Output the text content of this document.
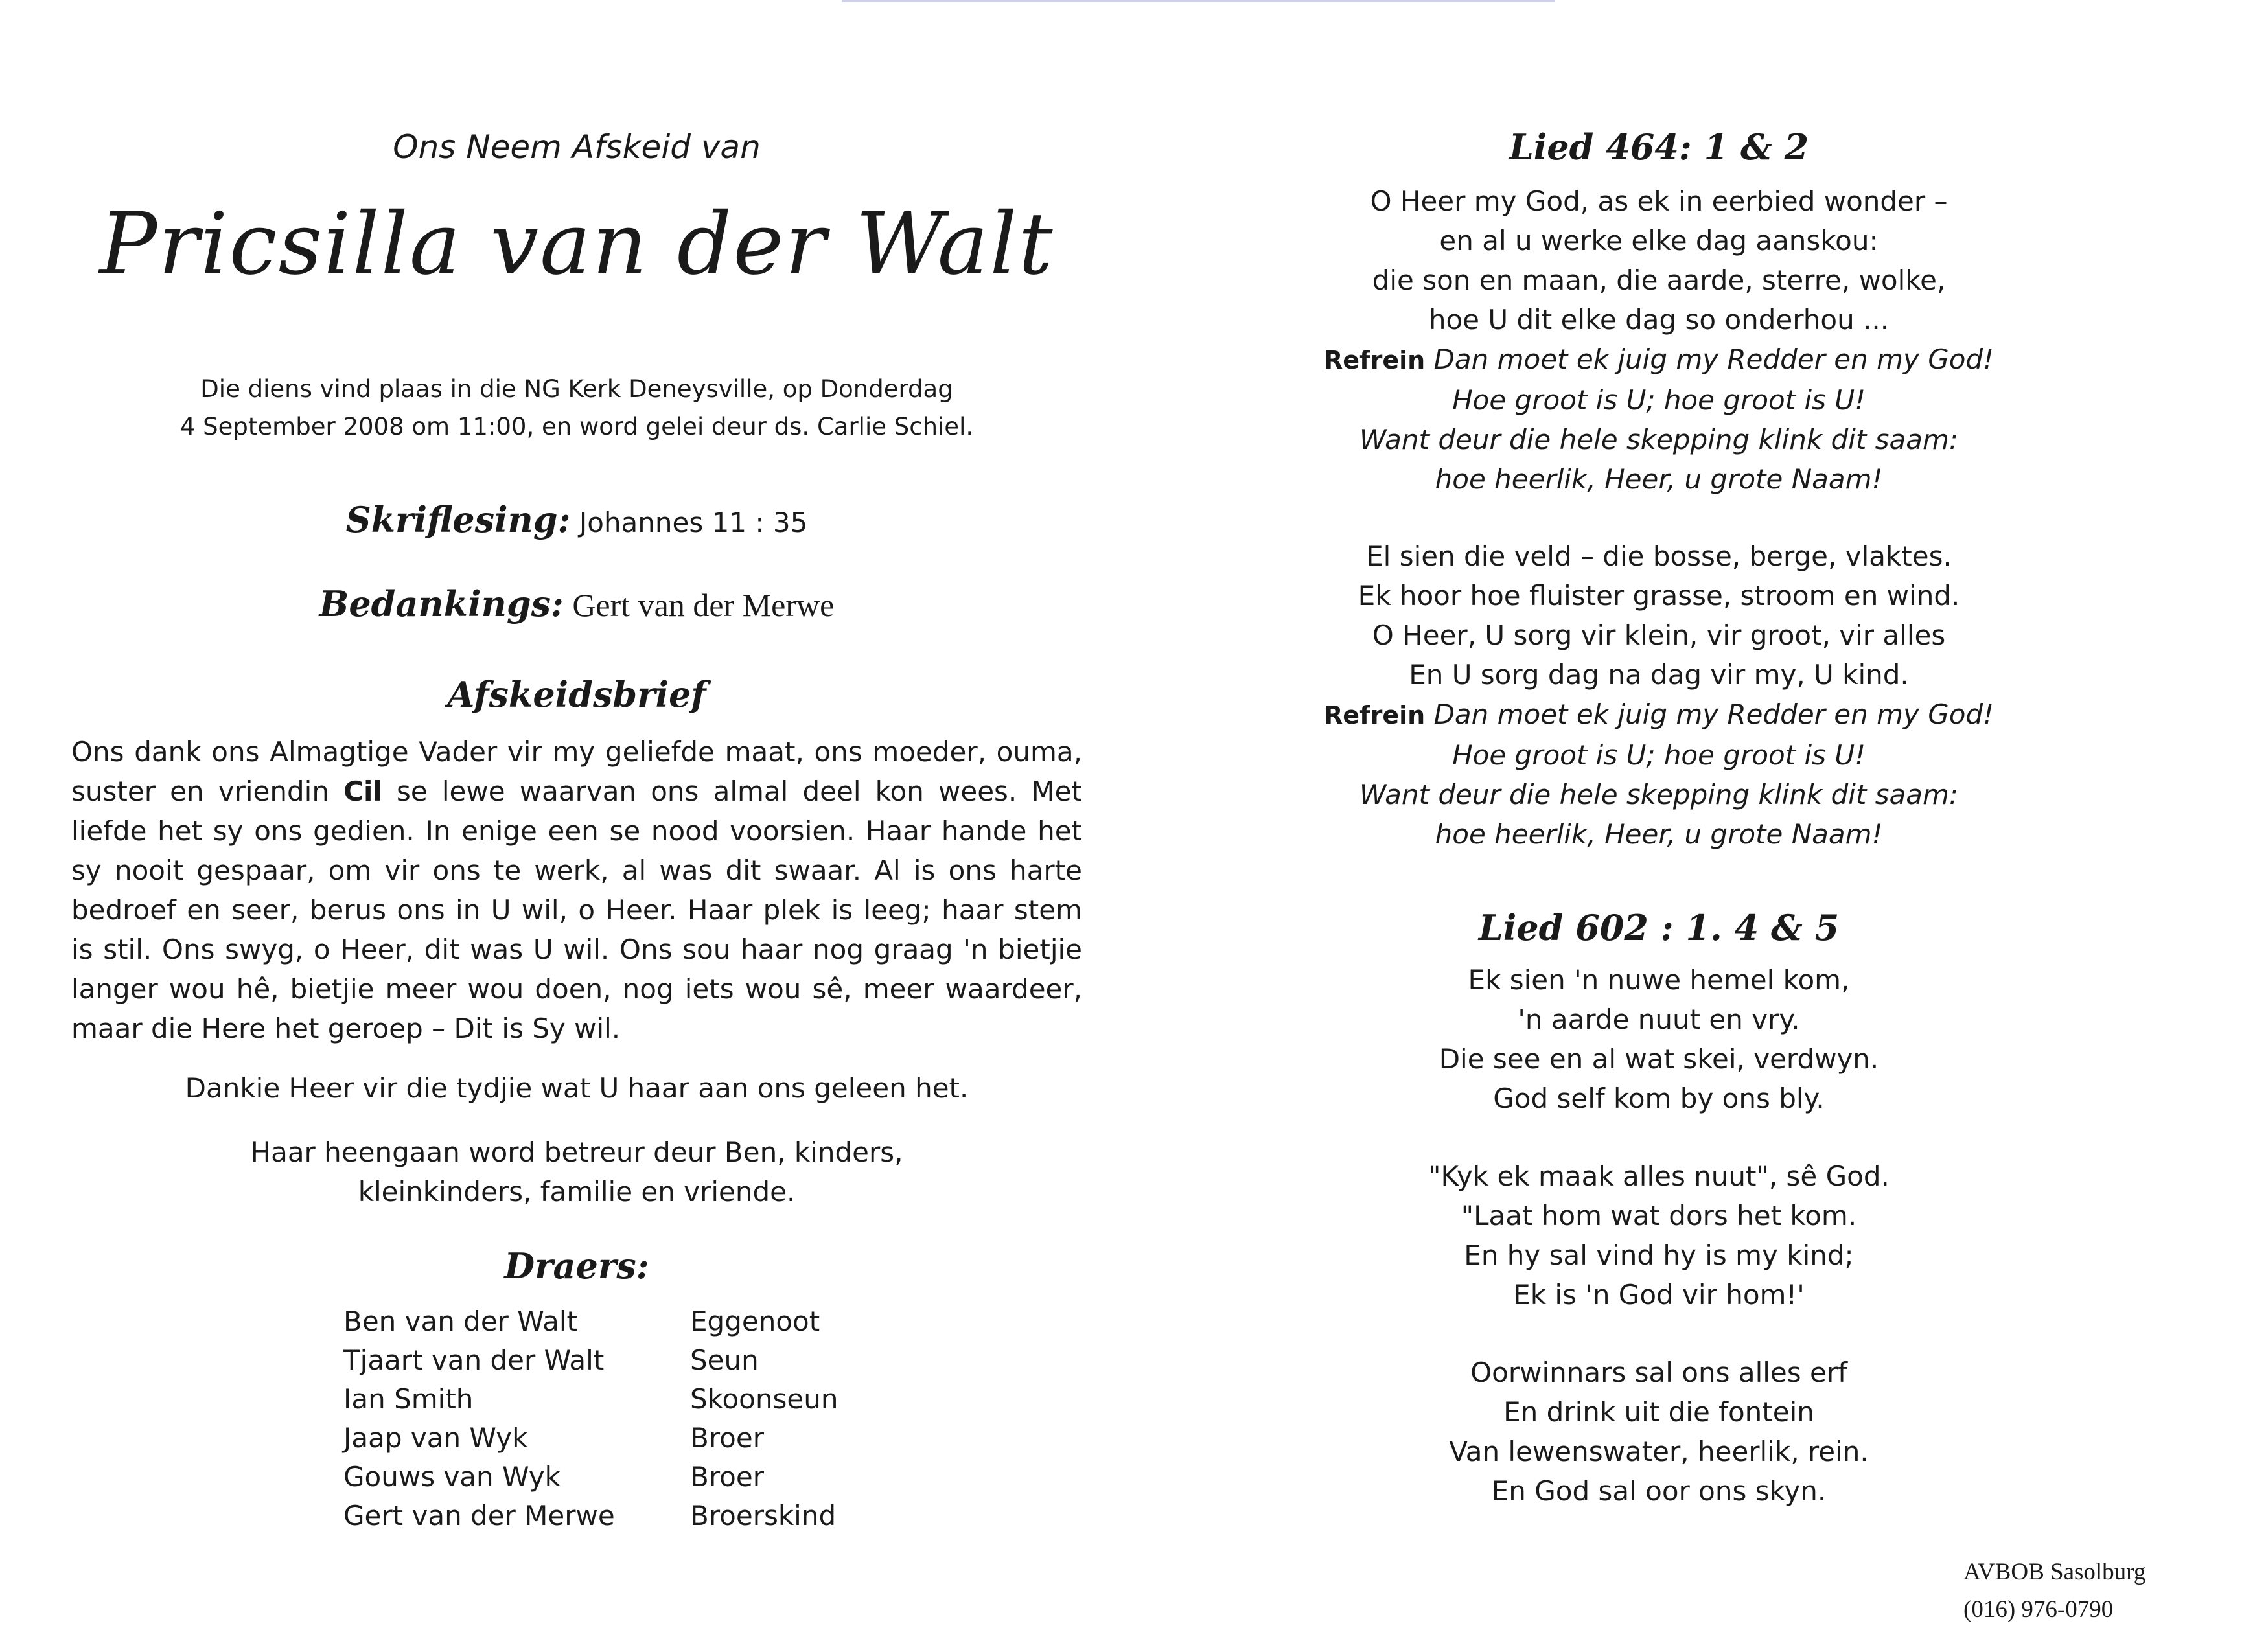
Ons Neem Afskeid van
Pricsilla van der Walt
Die diens vind plaas in die NG Kerk Deneysville, op Donderdag
4 September 2008 om 11:00, en word gelei deur ds. Carlie Schiel.
Skriflesing: Johannes 11 : 35
Bedankings: Gert van der Merwe
Afskeidsbrief
Ons dank ons Almagtige Vader vir my geliefde maat, ons moeder, ouma,
suster en vriendin Cil se lewe waarvan ons almal deel kon wees. Met
liefde het sy ons gedien. In enige een se nood voorsien. Haar hande het
sy nooit gespaar, om vir ons te werk, al was dit swaar. Al is ons harte
bedroef en seer, berus ons in U wil, o Heer. Haar plek is leeg; haar stem
is stil. Ons swyg, o Heer, dit was U wil. Ons sou haar nog graag 'n bietjie
langer wou hê, bietjie meer wou doen, nog iets wou sê, meer waardeer,
maar die Here het geroep – Dit is Sy wil.
Dankie Heer vir die tydjie wat U haar aan ons geleen het.
Haar heengaan word betreur deur Ben, kinders,
kleinkinders, familie en vriende.
Draers:
Ben van der Walt	Eggenoot
Tjaart van der Walt	Seun
Ian Smith	Skoonseun
Jaap van Wyk	Broer
Gouws van Wyk	Broer
Gert van der Merwe	Broerskind
Lied 464: 1 & 2
O Heer my God, as ek in eerbied wonder –
en al u werke elke dag aanskou:
die son en maan, die aarde, sterre, wolke,
hoe U dit elke dag so onderhou ...
Refrein Dan moet ek juig my Redder en my God!
Hoe groot is U; hoe groot is U!
Want deur die hele skepping klink dit saam:
hoe heerlik, Heer, u grote Naam!
El sien die veld – die bosse, berge, vlaktes.
Ek hoor hoe fluister grasse, stroom en wind.
O Heer, U sorg vir klein, vir groot, vir alles
En U sorg dag na dag vir my, U kind.
Refrein Dan moet ek juig my Redder en my God!
Hoe groot is U; hoe groot is U!
Want deur die hele skepping klink dit saam:
hoe heerlik, Heer, u grote Naam!
Lied 602 : 1. 4 & 5
Ek sien 'n nuwe hemel kom,
'n aarde nuut en vry.
Die see en al wat skei, verdwyn.
God self kom by ons bly.
"Kyk ek maak alles nuut", sê God.
"Laat hom wat dors het kom.
En hy sal vind hy is my kind;
Ek is 'n God vir hom!'
Oorwinnars sal ons alles erf
En drink uit die fontein
Van lewenswater, heerlik, rein.
En God sal oor ons skyn.
AVBOB Sasolburg
(016) 976-0790
